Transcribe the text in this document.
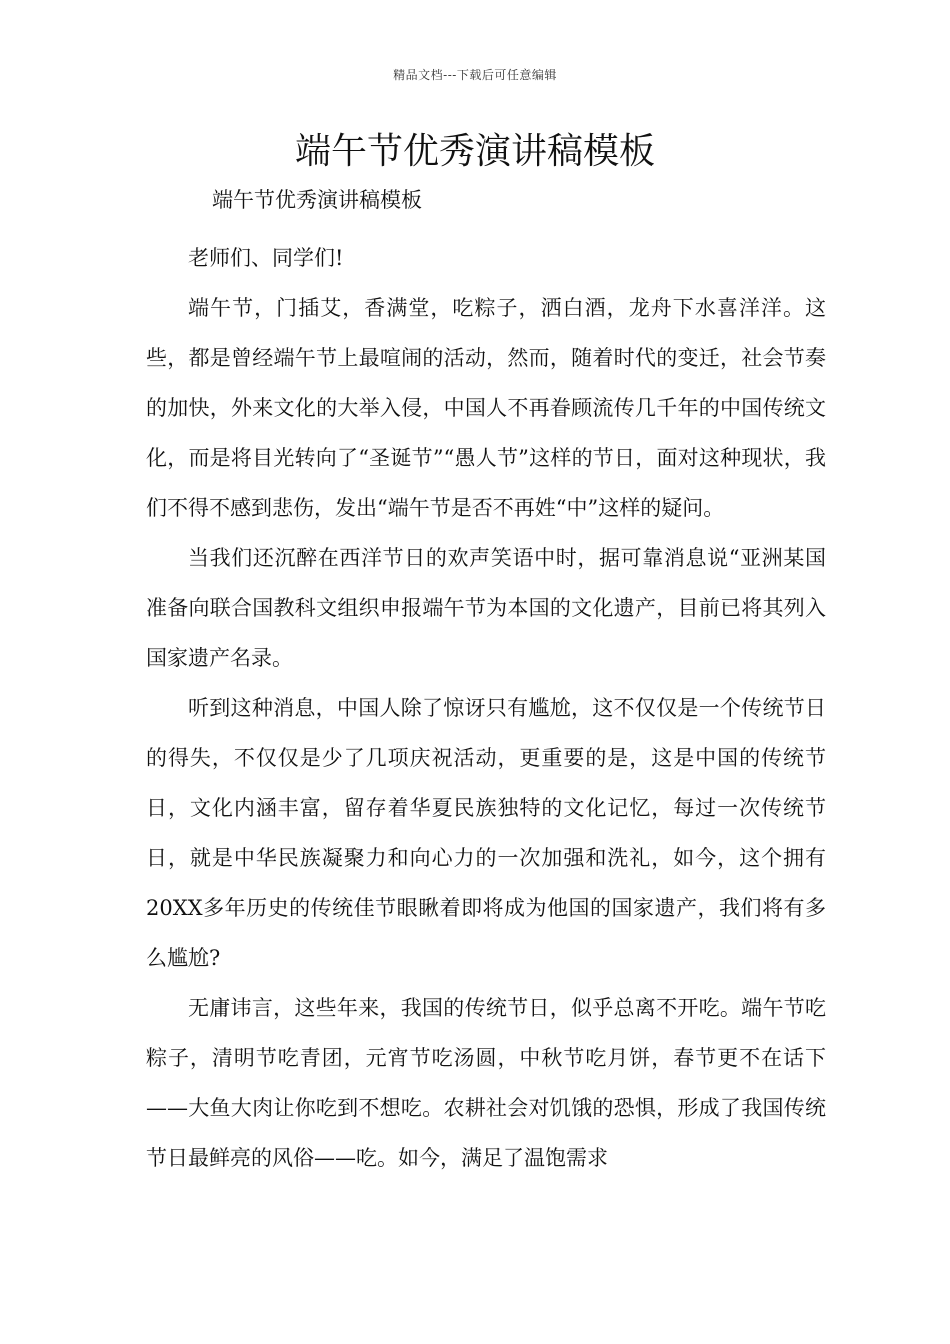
精品文档---下载后可任意编辑
端午节优秀演讲稿模板
端午节优秀演讲稿模板

老师们、同学们!

端午节，门插艾，香满堂，吃粽子，洒白酒，龙舟下水喜洋洋。这些，都是曾经端午节上最喧闹的活动，然而，随着时代的变迁，社会节奏的加快，外来文化的大举入侵，中国人不再眷顾流传几千年的中国传统文化，而是将目光转向了“圣诞节”“愚人节”这样的节日，面对这种现状，我们不得不感到悲伤，发出“端午节是否不再姓“中”这样的疑问。

当我们还沉醉在西洋节日的欢声笑语中时，据可靠消息说“亚洲某国准备向联合国教科文组织申报端午节为本国的文化遗产，目前已将其列入国家遗产名录。

听到这种消息，中国人除了惊讶只有尴尬，这不仅仅是一个传统节日的得失，不仅仅是少了几项庆祝活动，更重要的是，这是中国的传统节日，文化内涵丰富，留存着华夏民族独特的文化记忆，每过一次传统节日，就是中华民族凝聚力和向心力的一次加强和洗礼，如今，这个拥有20XX多年历史的传统佳节眼瞅着即将成为他国的国家遗产，我们将有多么尴尬?

无庸讳言，这些年来，我国的传统节日，似乎总离不开吃。端午节吃粽子，清明节吃青团，元宵节吃汤圆，中秋节吃月饼，春节更不在话下——大鱼大肉让你吃到不想吃。农耕社会对饥饿的恐惧，形成了我国传统节日最鲜亮的风俗——吃。如今，满足了温饱需求
